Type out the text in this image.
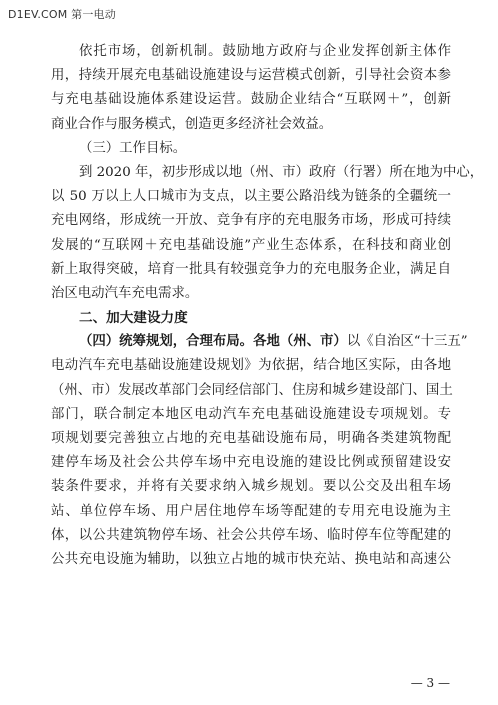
D1EV.COM 第一电动
依托市场，创新机制。鼓励地方政府与企业发挥创新主体作
用，持续开展充电基础设施建设与运营模式创新，引导社会资本参
与充电基础设施体系建设运营。鼓励企业结合“互联网＋”，创新
商业合作与服务模式，创造更多经济社会效益。
（三）工作目标。
到 2020 年，初步形成以地（州、市）政府（行署）所在地为中心，
以 50 万以上人口城市为支点，以主要公路沿线为链条的全疆统一
充电网络，形成统一开放、竞争有序的充电服务市场，形成可持续
发展的“互联网＋充电基础设施”产业生态体系，在科技和商业创
新上取得突破，培育一批具有较强竞争力的充电服务企业，满足自
治区电动汽车充电需求。
二、加大建设力度
（四）统筹规划，合理布局。各地（州、市）以《自治区“十三五”
电动汽车充电基础设施建设规划》为依据，结合地区实际，由各地
（州、市）发展改革部门会同经信部门、住房和城乡建设部门、国土
部门，联合制定本地区电动汽车充电基础设施建设专项规划。专
项规划要完善独立占地的充电基础设施布局，明确各类建筑物配
建停车场及社会公共停车场中充电设施的建设比例或预留建设安
装条件要求，并将有关要求纳入城乡规划。要以公交及出租车场
站、单位停车场、用户居住地停车场等配建的专用充电设施为主
体，以公共建筑物停车场、社会公共停车场、临时停车位等配建的
公共充电设施为辅助，以独立占地的城市快充站、换电站和高速公
— 3 —
